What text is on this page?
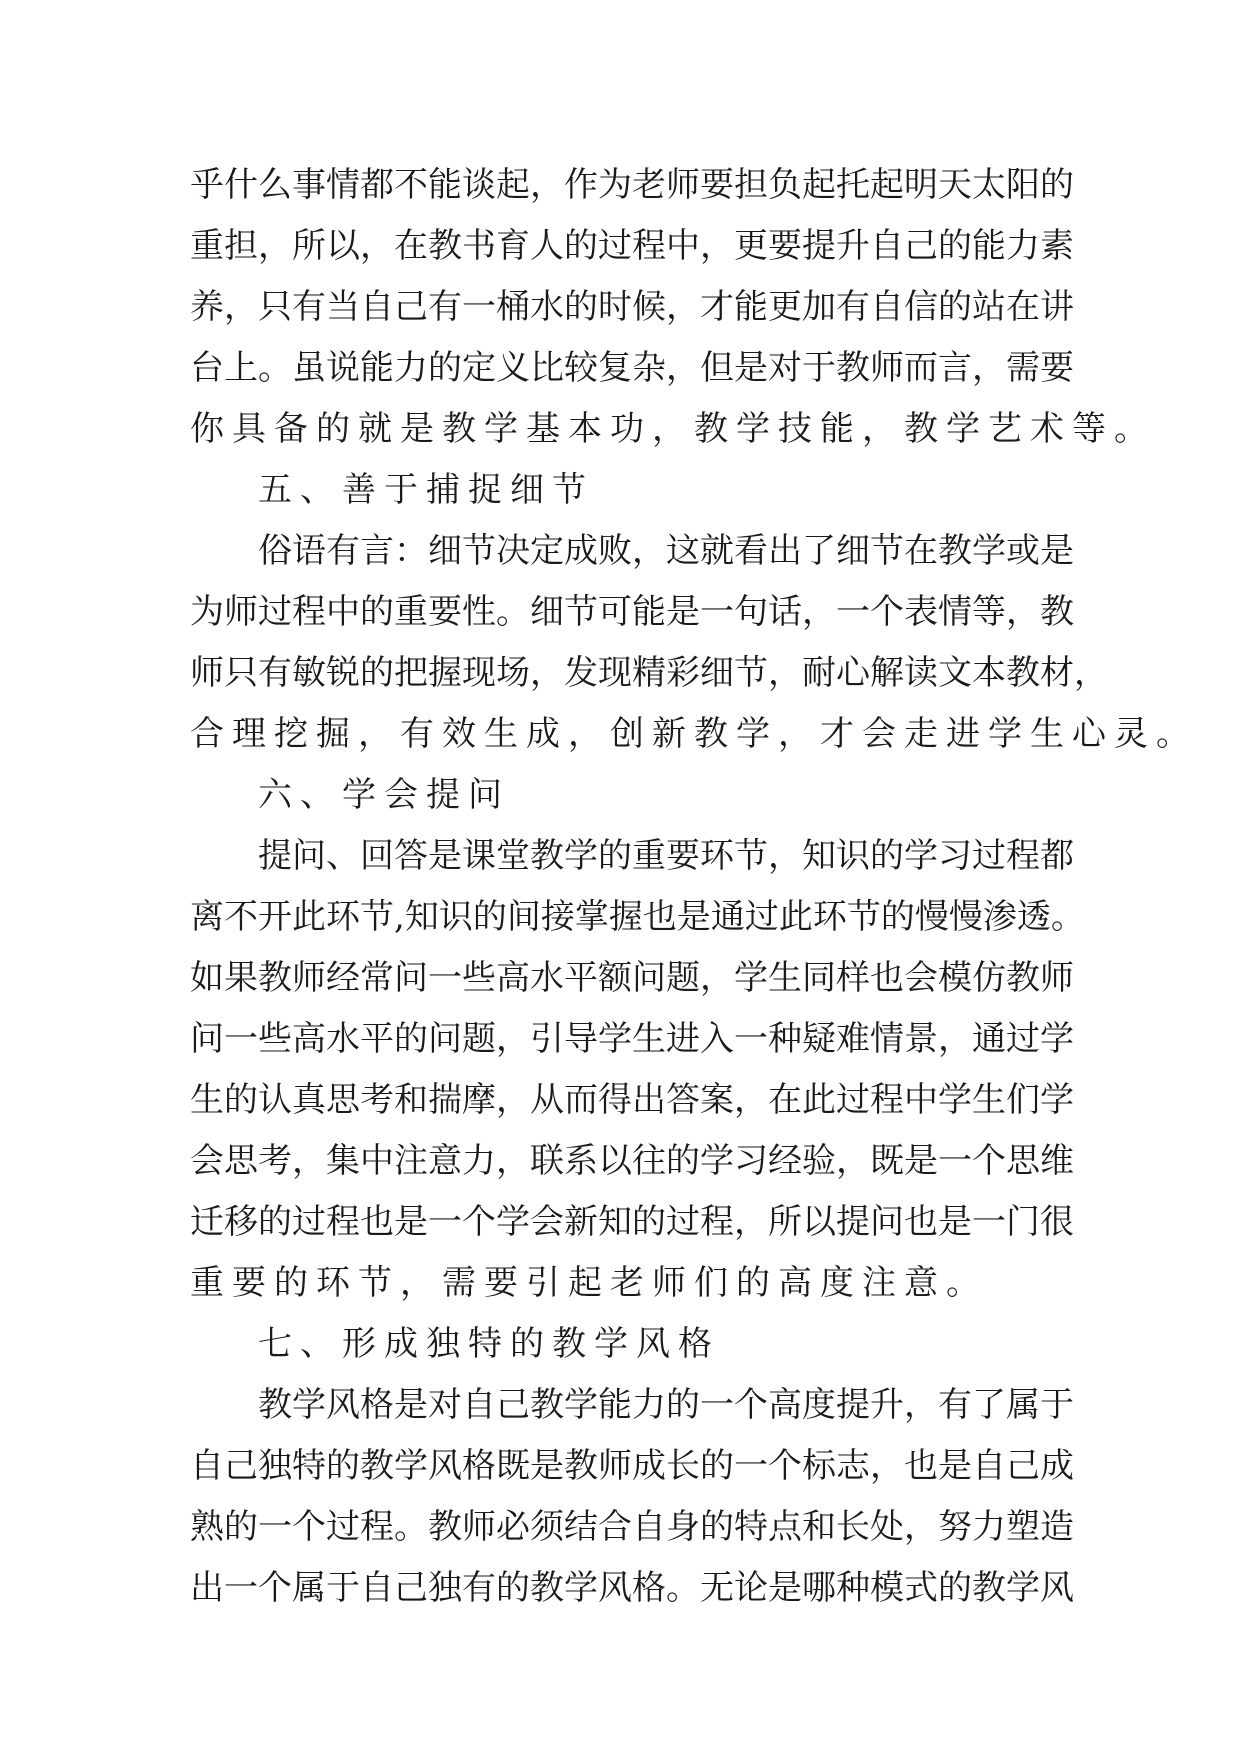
乎 什 么 事 情 都 不 能 谈 起 ， 作 为 老 师 要 担 负 起 托 起 明 天 太 阳 的
重 担 ， 所 以 ， 在 教 书 育 人 的 过 程 中 ， 更 要 提 升 自 己 的 能 力 素
养 ， 只 有 当 自 己 有 一 桶 水 的 时 候 ， 才 能 更 加 有 自 信 的 站 在 讲
台 上 。 虽 说 能 力 的 定 义 比 较 复 杂 ， 但 是 对 于 教 师 而 言 ， 需 要
你具备的就是教学基本功，教学技能，教学艺术等。
五、善于捕捉细节
俗 语 有 言 ： 细 节 决 定 成 败 ， 这 就 看 出 了 细 节 在 教 学 或 是
为 师 过 程 中 的 重 要 性 。 细 节 可 能 是 一 句 话 ， 一 个 表 情 等 ， 教
师 只 有 敏 锐 的 把 握 现 场 ， 发 现 精 彩 细 节 ， 耐 心 解 读 文 本 教 材 ，
合理挖掘，有效生成，创新教学，才会走进学生心灵。
六、学会提问
提 问 、 回 答 是 课 堂 教 学 的 重 要 环 节 ， 知 识 的 学 习 过 程 都
离 不 开 此 环 节 , 知 识 的 间 接 掌 握 也 是 通 过 此 环 节 的 慢 慢 渗 透 。
如 果 教 师 经 常 问 一 些 高 水 平 额 问 题 ， 学 生 同 样 也 会 模 仿 教 师
问 一 些 高 水 平 的 问 题 ， 引 导 学 生 进 入 一 种 疑 难 情 景 ， 通 过 学
生 的 认 真 思 考 和 揣 摩 ， 从 而 得 出 答 案 ， 在 此 过 程 中 学 生 们 学
会 思 考 ， 集 中 注 意 力 ， 联 系 以 往 的 学 习 经 验 ， 既 是 一 个 思 维
迁 移 的 过 程 也 是 一 个 学 会 新 知 的 过 程 ， 所 以 提 问 也 是 一 门 很
重要的环节，需要引起老师们的高度注意。
七、形成独特的教学风格
教 学 风 格 是 对 自 己 教 学 能 力 的 一 个 高 度 提 升 ， 有 了 属 于
自 己 独 特 的 教 学 风 格 既 是 教 师 成 长 的 一 个 标 志 ， 也 是 自 己 成
熟 的 一 个 过 程 。 教 师 必 须 结 合 自 身 的 特 点 和 长 处 ， 努 力 塑 造
出 一 个 属 于 自 己 独 有 的 教 学 风 格 。 无 论 是 哪 种 模 式 的 教 学 风
